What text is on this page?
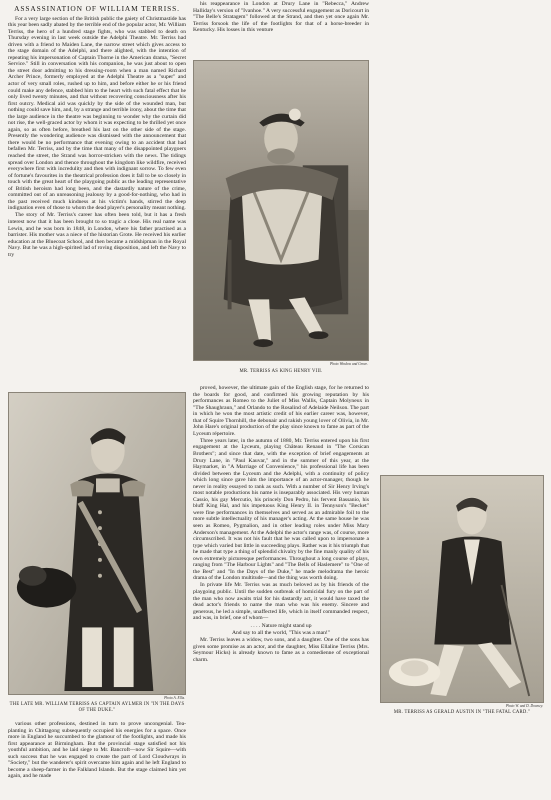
ASSASSINATION OF WILLIAM TERRISS.

For a very large section of the British public the gaiety of Christmastide has this year been sadly abated by the terrible end of the popular actor, Mr. William Terriss, the hero of a hundred stage fights, who was stabbed to death on Thursday evening in last week outside the Adelphi Theatre. Mr. Terriss had driven with a friend to Maiden Lane, the narrow street which gives access to the stage domain of the Adelphi, and there alighted, with the intention of repeating his impersonation of Captain Thorne in the American drama, "Secret Service." Still in conversation with his companion, he was just about to open the street door admitting to his dressing-room when a man named Richard Archer Prince, formerly employed at the Adelphi Theatre as a "super" and actor of very small roles, rushed up to him, and before either he or his friend could make any defence, stabbed him to the heart with such fatal effect that he only lived twenty minutes, and that without recovering consciousness after his first outcry. Medical aid was quickly by the side of the wounded man, but nothing could save him, and, by a strange and terrible irony, about the time that the large audience in the theatre was beginning to wonder why the curtain did not rise, the well-graced actor by whom it was expecting to be thrilled yet once again, so as often before, breathed his last on the other side of the stage. Presently the wondering audience was dismissed with the announcement that there would be no performance that evening owing to an accident that had befallen Mr. Terriss, and by the time that many of the disappointed playgoers reached the street, the Strand was horror-stricken with the news. The tidings spread over London and thence throughout the kingdom like wildfire, received everywhere first with incredulity and then with indignant sorrow. To few even of fortune's favourites in the theatrical profession does it fall to be so closely in touch with the great heart of the playgoing public as the leading representative of British heroism had long been, and the dastardly nature of the crime, committed out of an unreasoning jealousy by a good-for-nothing, who had in the past received much kindness at his victim's hands, stirred the deep indignation even of those to whom the dead player's personality meant nothing.

The story of Mr. Terriss's career has often been told, but it has a fresh interest now that it has been brought to so tragic a close. His real name was Lewin, and he was born in 1848, in London, where his father practised as a barrister. His mother was a niece of the historian Grote. He received his earlier education at the Bluecoat School, and then became a midshipman in the Royal Navy. But he was a high-spirited lad of roving disposition, and left the Navy to try

his reappearance in London at Drury Lane in "Rebecca," Andrew Halliday's version of "Ivanhoe." A very successful engagement as Doricourt in "The Belle's Stratagem" followed at the Strand, and then yet once again Mr. Terriss forsook the life of the footlights for that of a horse-breeder in Kentucky. His losses in this venture

Photo Window and Grove.
MR. TERRISS AS KING HENRY VIII.
Photo A. Ellis.
THE LATE MR. WILLIAM TERRISS AS CAPTAIN AYLMER IN "IN THE DAYS OF THE DUKE."

various other professions, destined in turn to prove uncongenial. Tea-planting in Chittagong subsequently occupied his energies for a space. Once more in England he succumbed to the glamour of the footlights, and made his first appearance at Birmingham. But the provincial stage satisfied not his youthful ambition, and he laid siege to Mr. Bancroft—now Sir Squire—with such success that he was engaged to create the part of Lord Cloudwrays in "Society," but the wanderer's spirit overcame him again and he left England to become a sheep-farmer in the Falkland Islands. But the stage claimed him yet again, and he made

proved, however, the ultimate gain of the English stage, for he returned to the boards for good, and confirmed his growing reputation by his performances as Romeo to the Juliet of Miss Wallis, Captain Molyneux in "The Shaughraun," and Orlando to the Rosalind of Adelaide Neilson. The part in which he won the most artistic credit of his earlier career was, however, that of Squire Thornhill, the debonair and rakish young lover of Olivia, in Mr. John Hare's original production of the play since known to fame as part of the Lyceum répertoire.

Three years later, in the autumn of 1880, Mr. Terriss entered upon his first engagement at the Lyceum, playing Château Renaud in "The Corsican Brothers"; and since that date, with the exception of brief engagements at Drury Lane, in "Paul Kauvar," and in the summer of this year, at the Haymarket, in "A Marriage of Convenience," his professional life has been divided between the Lyceum and the Adelphi, with a continuity of policy which long since gave him the importance of an actor-manager, though he never in reality essayed to rank as such. With a number of Sir Henry Irving's most notable productions his name is inseparably associated. His very human Cassio, his gay Mercutio, his princely Don Pedro, his fervent Bassanio, his bluff King Hal, and his impetuous King Henry II. in Tennyson's "Becket" were fine performances in themselves and served as an admirable foil to the more subtle intellectuality of his manager's acting. At the same house he was seen as Romeo, Pygmalion, and in other leading roles under Miss Mary Anderson's management. At the Adelphi the actor's range was, of course, more circumscribed. It was not his fault that he was called upon to impersonate a type which varied but little in succeeding plays. Rather was it his triumph that he made that type a thing of splendid chivalry by the fine manly quality of his own extremely picturesque performances. Throughout a long course of plays, ranging from "The Harbour Lights" and "The Bells of Haslemere" to "One of the Best" and "In the Days of the Duke," he made melodrama the heroic drama of the London multitude—and the thing was worth doing.

In private life Mr. Terriss was as much beloved as by his friends of the playgoing public. Until the sudden outbreak of homicidal fury on the part of the man who now awaits trial for his dastardly act, it would have taxed the dead actor's friends to name the man who was his enemy. Sincere and generous, he led a simple, unaffected life, which in itself commanded respect, and was, in brief, one of whom—

. . . . Nature might stand up

And say to all the world, "This was a man!"

Mr. Terriss leaves a widow, two sons, and a daughter. One of the sons has given some promise as an actor, and the daughter, Miss Ellaline Terriss (Mrs. Seymour Hicks) is already known to fame as a comedienne of exceptional charm.

Photo W. and D. Downey.
MR. TERRISS AS GERALD AUSTIN IN "THE FATAL CARD."
